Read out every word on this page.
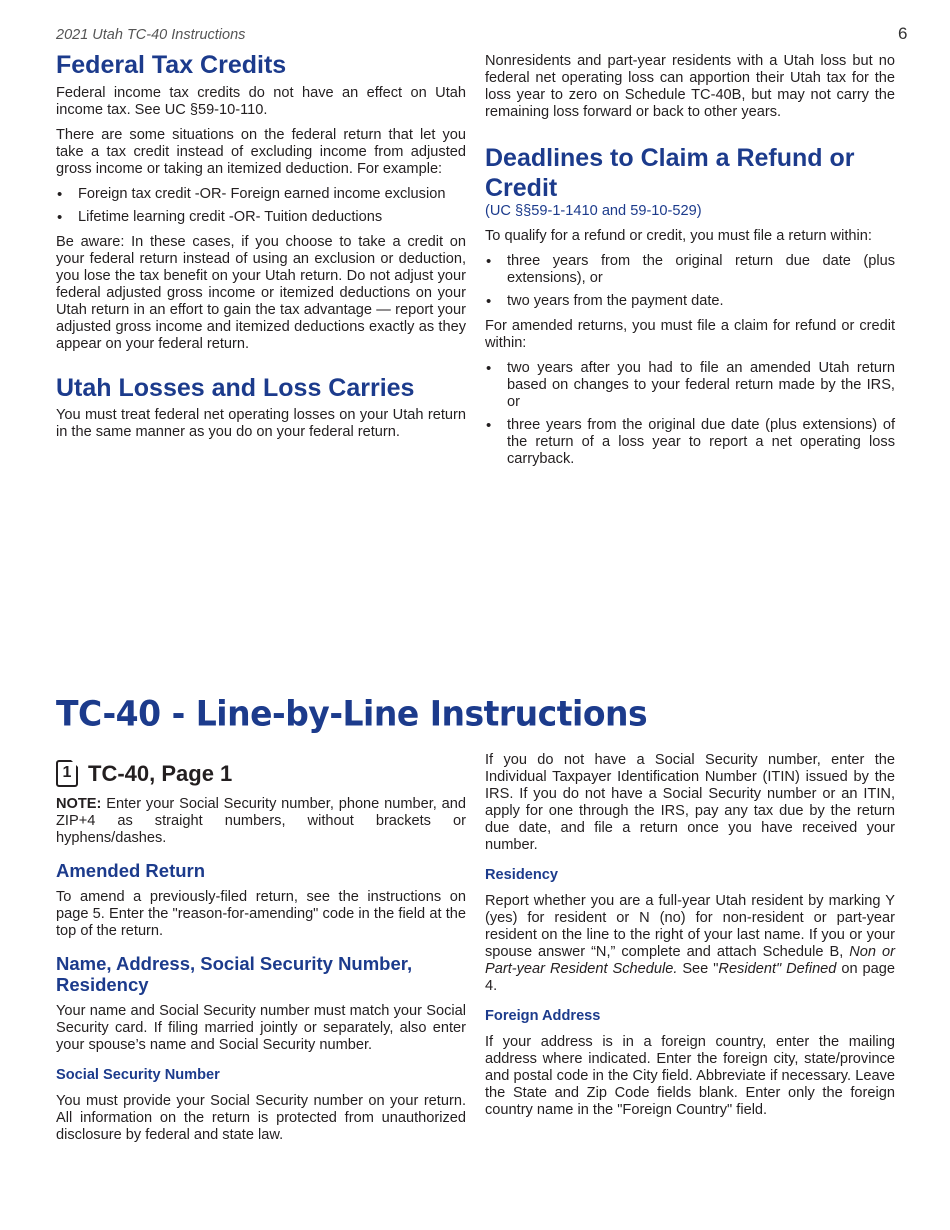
2021 Utah TC-40 Instructions	6
Federal Tax Credits

Federal income tax credits do not have an effect on Utah income tax. See UC §59-10-110.

There are some situations on the federal return that let you take a tax credit instead of excluding income from adjusted gross income or taking an itemized deduction. For example:

• Foreign tax credit -OR- Foreign earned income exclusion
• Lifetime learning credit -OR- Tuition deductions

Be aware: In these cases, if you choose to take a credit on your federal return instead of using an exclusion or deduction, you lose the tax benefit on your Utah return. Do not adjust your federal adjusted gross income or itemized deductions on your Utah return in an effort to gain the tax advantage — report your adjusted gross income and itemized deductions exactly as they appear on your federal return.

Utah Losses and Loss Carries

You must treat federal net operating losses on your Utah return in the same manner as you do on your federal return.

Nonresidents and part-year residents with a Utah loss but no federal net operating loss can apportion their Utah tax for the loss year to zero on Schedule TC-40B, but may not carry the remaining loss forward or back to other years.

Deadlines to Claim a Refund or Credit
(UC §§59-1-1410 and 59-10-529)

To qualify for a refund or credit, you must file a return within:

• three years from the original return due date (plus extensions), or
• two years from the payment date.

For amended returns, you must file a claim for refund or credit within:

• two years after you had to file an amended Utah return based on changes to your federal return made by the IRS, or
• three years from the original due date (plus extensions) of the return of a loss year to report a net operating loss carryback.
TC-40 - Line-by-Line Instructions
1 TC-40, Page 1

NOTE: Enter your Social Security number, phone number, and ZIP+4 as straight numbers, without brackets or hyphens/dashes.

Amended Return

To amend a previously-filed return, see the instructions on page 5. Enter the "reason-for-amending" code in the field at the top of the return.

Name, Address, Social Security Number, Residency

Your name and Social Security number must match your Social Security card. If filing married jointly or separately, also enter your spouse’s name and Social Security number.

Social Security Number

You must provide your Social Security number on your return. All information on the return is protected from unauthorized disclosure by federal and state law.

If you do not have a Social Security number, enter the Individual Taxpayer Identification Number (ITIN) issued by the IRS. If you do not have a Social Security number or an ITIN, apply for one through the IRS, pay any tax due by the return due date, and file a return once you have received your number.

Residency

Report whether you are a full-year Utah resident by marking Y (yes) for resident or N (no) for non-resident or part-year resident on the line to the right of your last name. If you or your spouse answer “N,” complete and attach Schedule B, Non or Part-year Resident Schedule. See "Resident" Defined on page 4.

Foreign Address

If your address is in a foreign country, enter the mailing address where indicated. Enter the foreign city, state/province and postal code in the City field. Abbreviate if necessary. Leave the State and Zip Code fields blank. Enter only the foreign country name in the "Foreign Country" field.
